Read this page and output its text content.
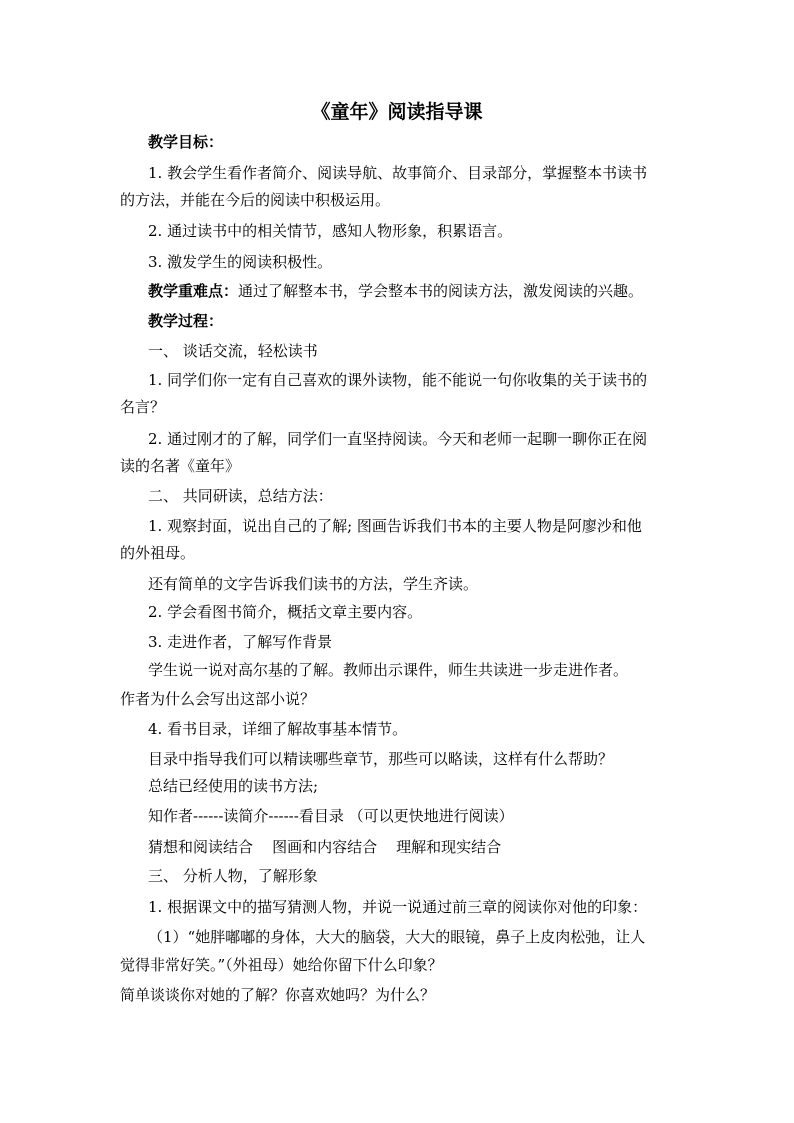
《童年》阅读指导课
教学目标：
1. 教会学生看作者简介、阅读导航、故事简介、目录部分，掌握整本书读书
的方法，并能在今后的阅读中积极运用。
2. 通过读书中的相关情节，感知人物形象，积累语言。
3. 激发学生的阅读积极性。
教学重难点：通过了解整本书，学会整本书的阅读方法，激发阅读的兴趣。
教学过程：
一、 谈话交流，轻松读书
1. 同学们你一定有自己喜欢的课外读物，能不能说一句你收集的关于读书的
名言？
2. 通过刚才的了解，同学们一直坚持阅读。今天和老师一起聊一聊你正在阅
读的名著《童年》
二、 共同研读，总结方法：
1. 观察封面，说出自己的了解; 图画告诉我们书本的主要人物是阿廖沙和他
的外祖母。
还有简单的文字告诉我们读书的方法，学生齐读。
2. 学会看图书简介，概括文章主要内容。
3. 走进作者，了解写作背景
学生说一说对高尔基的了解。教师出示课件，师生共读进一步走进作者。
作者为什么会写出这部小说？
4. 看书目录，详细了解故事基本情节。
目录中指导我们可以精读哪些章节，那些可以略读，这样有什么帮助？
总结已经使用的读书方法;
知作者------读简介------看目录 （可以更快地进行阅读）
猜想和阅读结合    图画和内容结合    理解和现实结合
三、 分析人物，了解形象
1. 根据课文中的描写猜测人物，并说一说通过前三章的阅读你对他的印象：
（1）“她胖嘟嘟的身体，大大的脑袋，大大的眼镜，鼻子上皮肉松弛，让人
觉得非常好笑。”（外祖母）她给你留下什么印象？
简单谈谈你对她的了解？你喜欢她吗？为什么？
